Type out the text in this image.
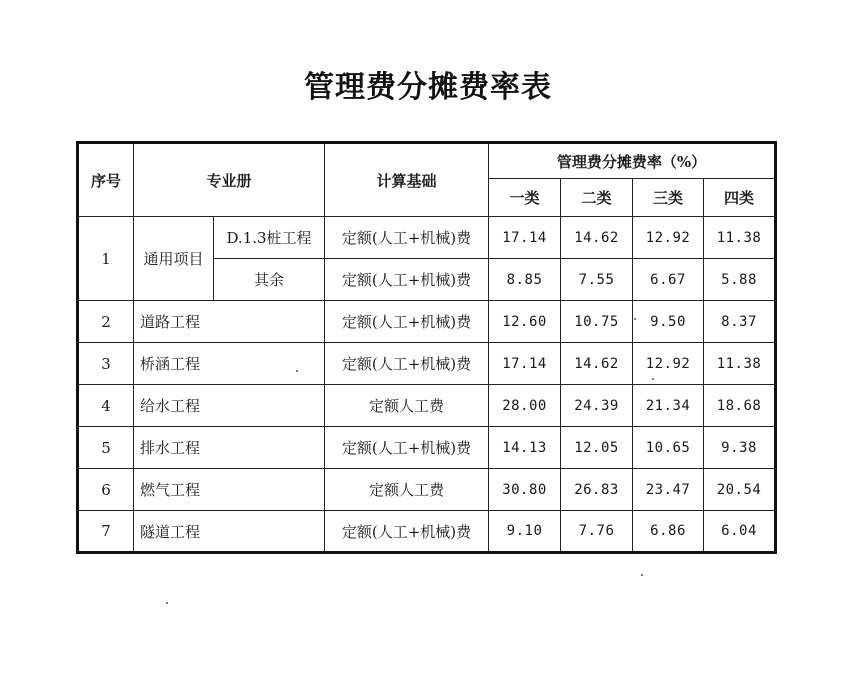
管理费分摊费率表
序号	专业册		计算基础	管理费分摊费率（%）			
				一类	二类	三类	四类
1	通用项目	D.1.3桩工程	定额(人工+机械)费	17.14	14.62	12.92	11.38
		其余	定额(人工+机械)费	8.85	7.55	6.67	5.88
2	道路工程		定额(人工+机械)费	12.60	10.75	9.50	8.37
3	桥涵工程		定额(人工+机械)费	17.14	14.62	12.92	11.38
4	给水工程		定额人工费	28.00	24.39	21.34	18.68
5	排水工程		定额(人工+机械)费	14.13	12.05	10.65	9.38
6	燃气工程		定额人工费	30.80	26.83	23.47	20.54
7	隧道工程		定额(人工+机械)费	9.10	7.76	6.86	6.04
